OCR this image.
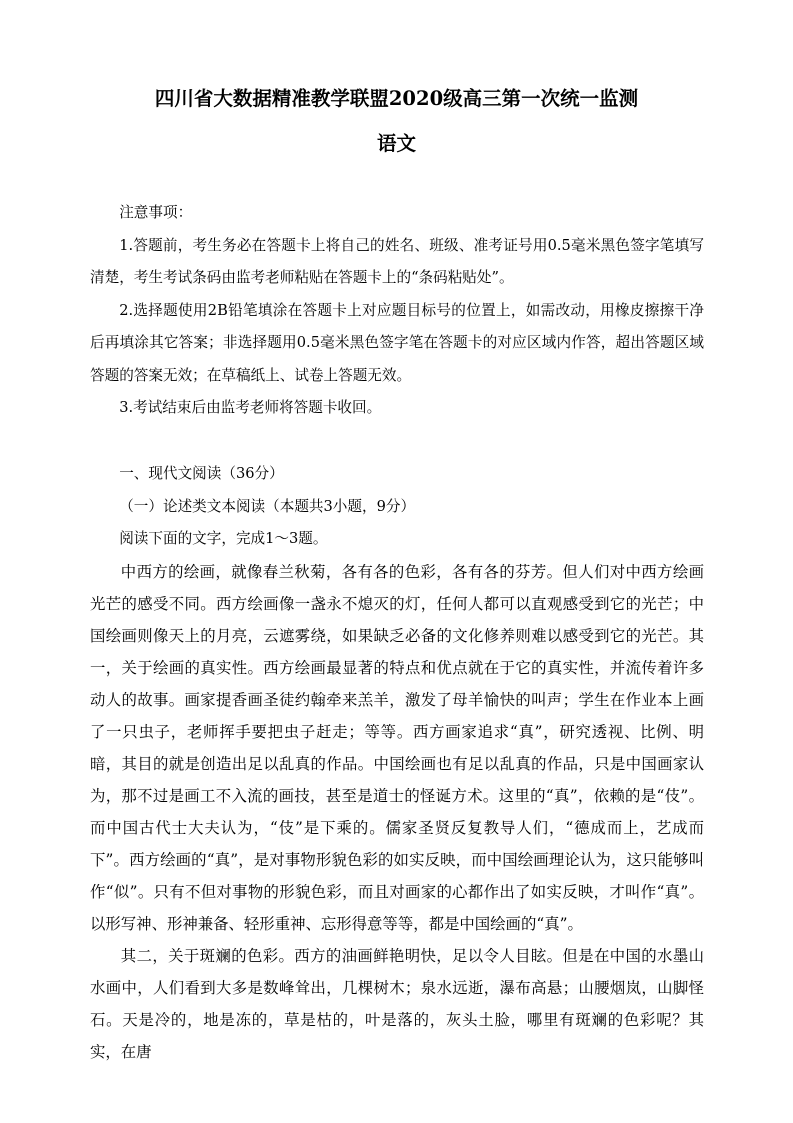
四川省大数据精准教学联盟2020级高三第一次统一监测
语文

注意事项：

1.答题前，考生务必在答题卡上将自己的姓名、班级、准考证号用0.5毫米黑色签字笔填写清楚，考生考试条码由监考老师粘贴在答题卡上的“条码粘贴处”。

2.选择题使用2B铅笔填涂在答题卡上对应题目标号的位置上，如需改动，用橡皮擦擦干净后再填涂其它答案；非选择题用0.5毫米黑色签字笔在答题卡的对应区域内作答，超出答题区域答题的答案无效；在草稿纸上、试卷上答题无效。

3.考试结束后由监考老师将答题卡收回。

一、现代文阅读（36分）

（一）论述类文本阅读（本题共3小题，9分）

阅读下面的文字，完成1～3题。

中西方的绘画，就像春兰秋菊，各有各的色彩，各有各的芬芳。但人们对中西方绘画光芒的感受不同。西方绘画像一盏永不熄灭的灯，任何人都可以直观感受到它的光芒；中国绘画则像天上的月亮，云遮雾绕，如果缺乏必备的文化修养则难以感受到它的光芒。其一，关于绘画的真实性。西方绘画最显著的特点和优点就在于它的真实性，并流传着许多动人的故事。画家提香画圣徒约翰牵来羔羊，激发了母羊愉快的叫声；学生在作业本上画了一只虫子，老师挥手要把虫子赶走；等等。西方画家追求“真”，研究透视、比例、明暗，其目的就是创造出足以乱真的作品。中国绘画也有足以乱真的作品，只是中国画家认为，那不过是画工不入流的画技，甚至是道士的怪诞方术。这里的“真”，依赖的是“伎”。而中国古代士大夫认为，“伎”是下乘的。儒家圣贤反复教导人们，“德成而上，艺成而下”。西方绘画的“真”，是对事物形貌色彩的如实反映，而中国绘画理论认为，这只能够叫作“似”。只有不但对事物的形貌色彩，而且对画家的心都作出了如实反映，才叫作“真”。以形写神、形神兼备、轻形重神、忘形得意等等，都是中国绘画的“真”。

其二，关于斑斓的色彩。西方的油画鲜艳明快，足以令人目眩。但是在中国的水墨山水画中，人们看到大多是数峰耸出，几棵树木；泉水远逝，瀑布高悬；山腰烟岚，山脚怪石。天是冷的，地是冻的，草是枯的，叶是落的，灰头土脸，哪里有斑斓的色彩呢？其实，在唐
